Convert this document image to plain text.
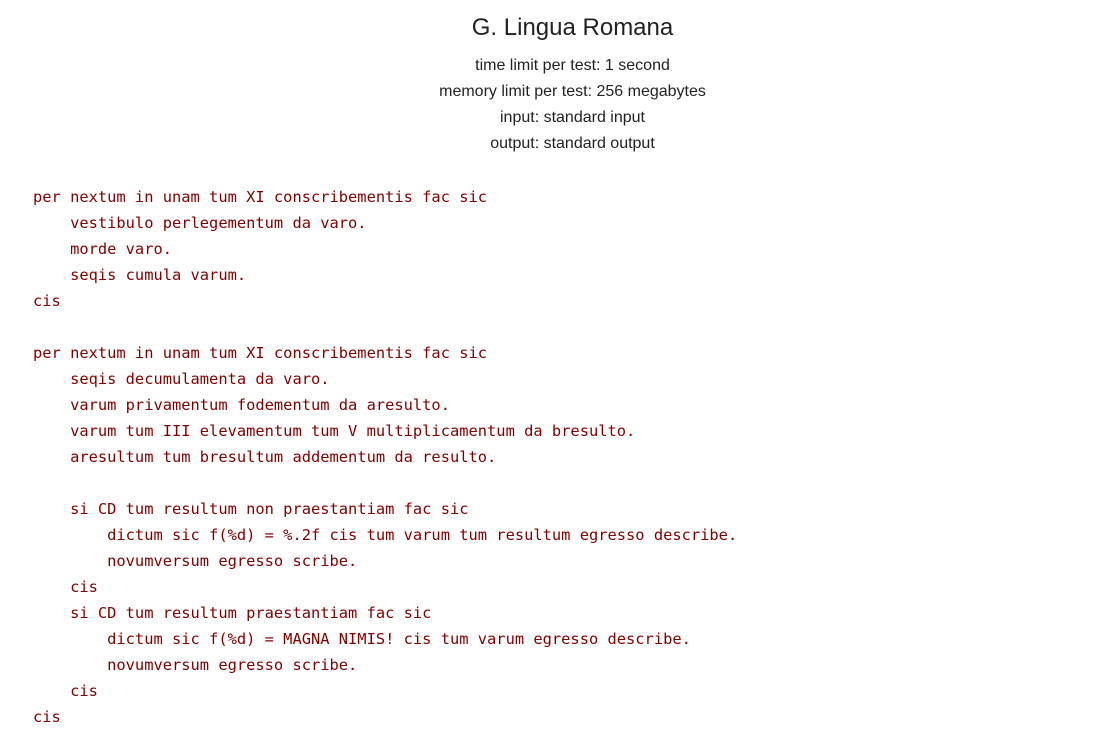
G. Lingua Romana
time limit per test: 1 second
memory limit per test: 256 megabytes
input: standard input
output: standard output
per nextum in unam tum XI conscribementis fac sic
vestibulo perlegementum da varo.
morde varo.
seqis cumula varum.
cis
per nextum in unam tum XI conscribementis fac sic
seqis decumulamenta da varo.
varum privamentum fodementum da aresulto.
varum tum III elevamentum tum V multiplicamentum da bresulto.
aresultum tum bresultum addementum da resulto.
si CD tum resultum non praestantiam fac sic
dictum sic f(%d) = %.2f cis tum varum tum resultum egresso describe.
novumversum egresso scribe.
cis
si CD tum resultum praestantiam fac sic
dictum sic f(%d) = MAGNA NIMIS! cis tum varum egresso describe.
novumversum egresso scribe.
cis
cis
